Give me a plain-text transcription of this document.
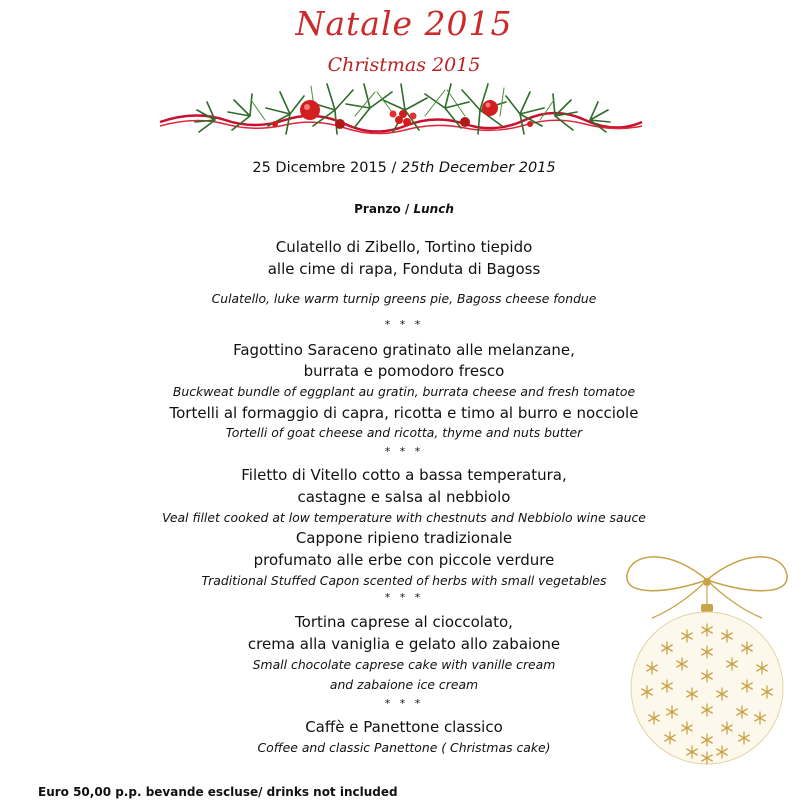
Natale 2015
Christmas 2015

25 Dicembre 2015 / 25th December 2015

Pranzo / Lunch

Culatello di Zibello, Tortino tiepido

alle cime di rapa, Fonduta di Bagoss

Culatello, luke warm turnip greens pie, Bagoss cheese fondue

* * *

Fagottino Saraceno gratinato alle melanzane,

burrata e pomodoro fresco

Buckweat bundle of eggplant au gratin, burrata cheese and fresh tomatoe

Tortelli al formaggio di capra, ricotta e timo al burro e nocciole

Tortelli of goat cheese and ricotta, thyme and nuts butter

* * *

Filetto di Vitello cotto a bassa temperatura,

castagne e salsa al nebbiolo

Veal fillet cooked at low temperature with chestnuts and Nebbiolo wine sauce

Cappone ripieno tradizionale

profumato alle erbe con piccole verdure

Traditional Stuffed Capon scented of herbs with small vegetables

* * *

Tortina caprese al cioccolato,

crema alla vaniglia e gelato allo zabaione

Small chocolate caprese cake with vanille cream

and zabaione ice cream

* * *

Caffè e Panettone classico

Coffee and classic Panettone ( Christmas cake)

Euro 50,00 p.p. bevande escluse/ drinks not included
